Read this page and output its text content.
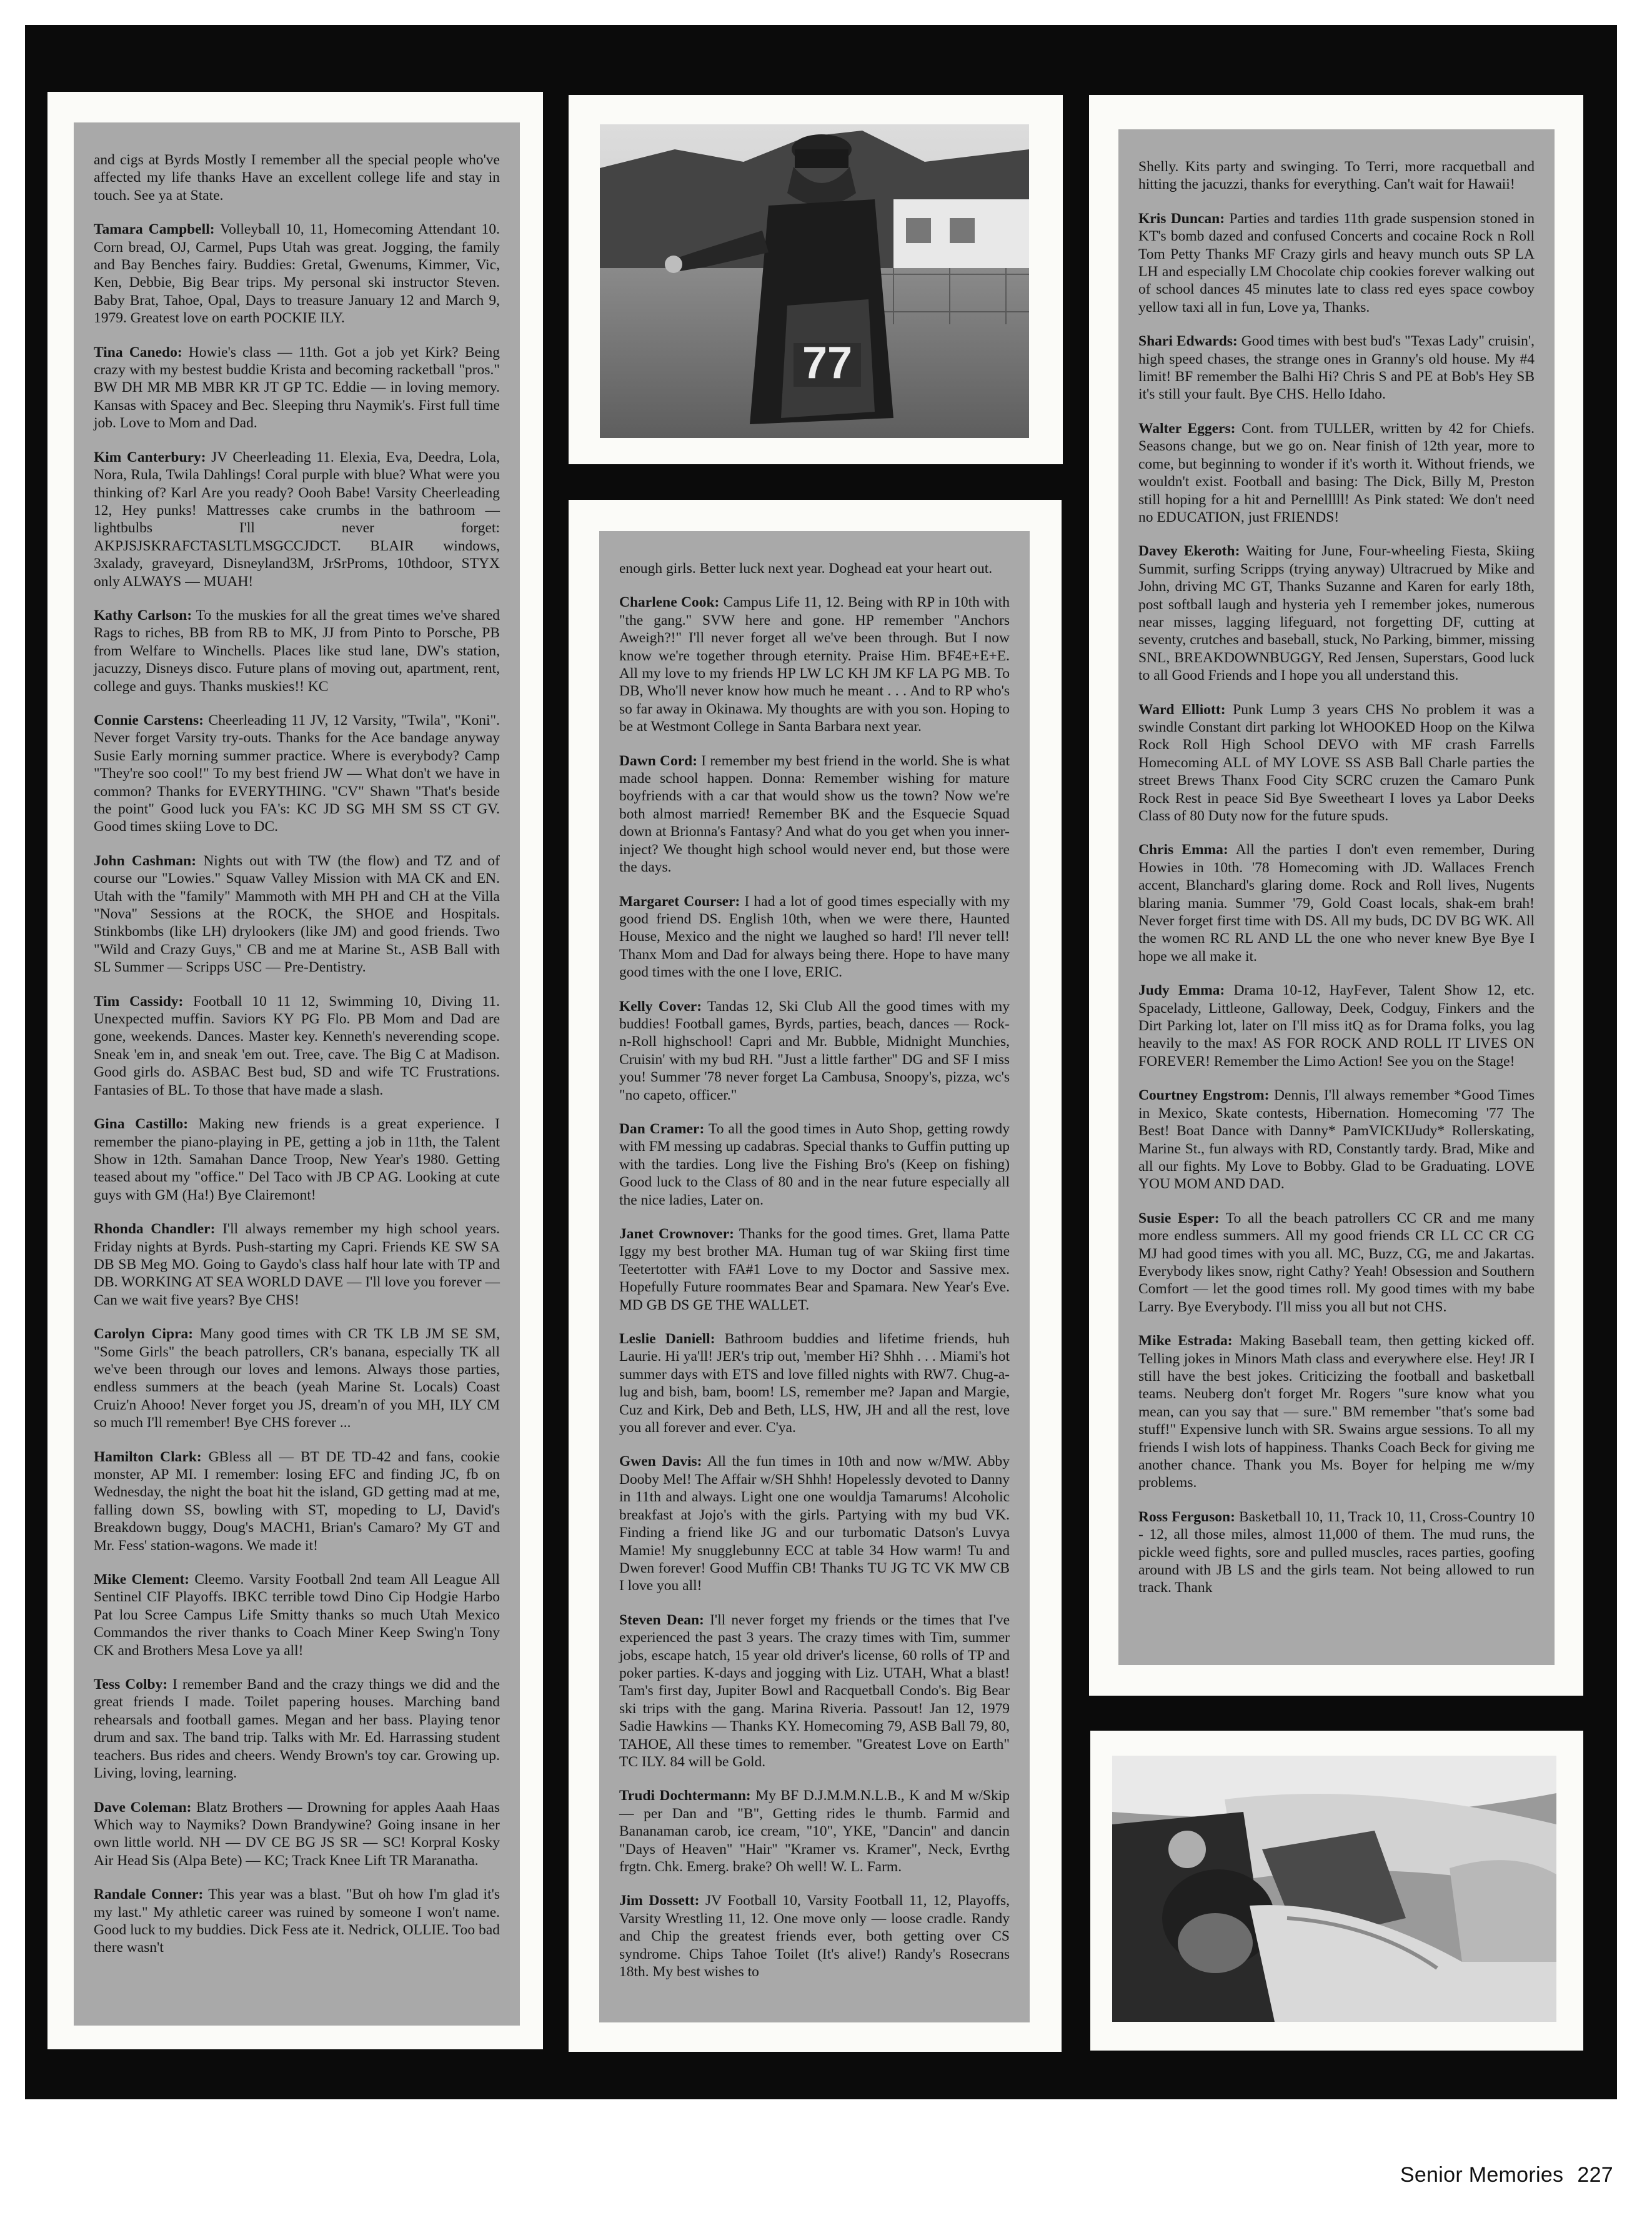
and cigs at Byrds Mostly I remember all the special people who've affected my life thanks Have an excellent college life and stay in touch. See ya at State.

Tamara Campbell: Volleyball 10, 11, Homecoming Attendant 10. Corn bread, OJ, Carmel, Pups Utah was great. Jogging, the family and Bay Benches fairy. Buddies: Gretal, Gwenums, Kimmer, Vic, Ken, Debbie, Big Bear trips. My personal ski instructor Steven. Baby Brat, Tahoe, Opal, Days to treasure January 12 and March 9, 1979. Greatest love on earth POCKIE ILY.

Tina Canedo: Howie's class — 11th. Got a job yet Kirk? Being crazy with my bestest buddie Krista and becoming racketball "pros." BW DH MR MB MBR KR JT GP TC. Eddie — in loving memory. Kansas with Spacey and Bec. Sleeping thru Naymik's. First full time job. Love to Mom and Dad.

Kim Canterbury: JV Cheerleading 11. Elexia, Eva, Deedra, Lola, Nora, Rula, Twila Dahlings! Coral purple with blue? What were you thinking of? Karl Are you ready? Oooh Babe! Varsity Cheerleading 12, Hey punks! Mattresses cake crumbs in the bathroom — lightbulbs I'll never forget: AKPJSJSKRAFCTASLTLMSGCCJDCT. BLAIR windows, 3xalady, graveyard, Disneyland3M, JrSrProms, 10thdoor, STYX only ALWAYS — MUAH!

Kathy Carlson: To the muskies for all the great times we've shared Rags to riches, BB from RB to MK, JJ from Pinto to Porsche, PB from Welfare to Winchells. Places like stud lane, DW's station, jacuzzy, Disneys disco. Future plans of moving out, apartment, rent, college and guys. Thanks muskies!! KC

Connie Carstens: Cheerleading 11 JV, 12 Varsity, "Twila", "Koni". Never forget Varsity try-outs. Thanks for the Ace bandage anyway Susie Early morning summer practice. Where is everybody? Camp "They're soo cool!" To my best friend JW — What don't we have in common? Thanks for EVERYTHING. "CV" Shawn "That's beside the point" Good luck you FA's: KC JD SG MH SM SS CT GV. Good times skiing Love to DC.

John Cashman: Nights out with TW (the flow) and TZ and of course our "Lowies." Squaw Valley Mission with MA CK and EN. Utah with the "family" Mammoth with MH PH and CH at the Villa "Nova" Sessions at the ROCK, the SHOE and Hospitals. Stinkbombs (like LH) drylookers (like JM) and good friends. Two "Wild and Crazy Guys," CB and me at Marine St., ASB Ball with SL Summer — Scripps USC — Pre-Dentistry.

Tim Cassidy: Football 10 11 12, Swimming 10, Diving 11. Unexpected muffin. Saviors KY PG Flo. PB Mom and Dad are gone, weekends. Dances. Master key. Kenneth's neverending scope. Sneak 'em in, and sneak 'em out. Tree, cave. The Big C at Madison. Good girls do. ASBAC Best bud, SD and wife TC Frustrations. Fantasies of BL. To those that have made a slash.

Gina Castillo: Making new friends is a great experience. I remember the piano-playing in PE, getting a job in 11th, the Talent Show in 12th. Samahan Dance Troop, New Year's 1980. Getting teased about my "office." Del Taco with JB CP AG. Looking at cute guys with GM (Ha!) Bye Clairemont!

Rhonda Chandler: I'll always remember my high school years. Friday nights at Byrds. Push-starting my Capri. Friends KE SW SA DB SB Meg MO. Going to Gaydo's class half hour late with TP and DB. WORKING AT SEA WORLD DAVE — I'll love you forever — Can we wait five years? Bye CHS!

Carolyn Cipra: Many good times with CR TK LB JM SE SM, "Some Girls" the beach patrollers, CR's banana, especially TK all we've been through our loves and lemons. Always those parties, endless summers at the beach (yeah Marine St. Locals) Coast Cruiz'n Ahooo! Never forget you JS, dream'n of you MH, ILY CM so much I'll remember! Bye CHS forever ...

Hamilton Clark: GBless all — BT DE TD-42 and fans, cookie monster, AP MI. I remember: losing EFC and finding JC, fb on Wednesday, the night the boat hit the island, GD getting mad at me, falling down SS, bowling with ST, mopeding to LJ, David's Breakdown buggy, Doug's MACH1, Brian's Camaro? My GT and Mr. Fess' station-wagons. We made it!

Mike Clement: Cleemo. Varsity Football 2nd team All League All Sentinel CIF Playoffs. IBKC terrible towd Dino Cip Hodgie Harbo Pat lou Scree Campus Life Smitty thanks so much Utah Mexico Commandos the river thanks to Coach Miner Keep Swing'n Tony CK and Brothers Mesa Love ya all!

Tess Colby: I remember Band and the crazy things we did and the great friends I made. Toilet papering houses. Marching band rehearsals and football games. Megan and her bass. Playing tenor drum and sax. The band trip. Talks with Mr. Ed. Harrassing student teachers. Bus rides and cheers. Wendy Brown's toy car. Growing up. Living, loving, learning.

Dave Coleman: Blatz Brothers — Drowning for apples Aaah Haas Which way to Naymiks? Down Brandywine? Going insane in her own little world. NH — DV CE BG JS SR — SC! Korpral Kosky Air Head Sis (Alpa Bete) — KC; Track Knee Lift TR Maranatha.

Randale Conner: This year was a blast. "But oh how I'm glad it's my last." My athletic career was ruined by someone I won't name. Good luck to my buddies. Dick Fess ate it. Nedrick, OLLIE. Too bad there wasn't

77

enough girls. Better luck next year. Doghead eat your heart out.

Charlene Cook: Campus Life 11, 12. Being with RP in 10th with "the gang." SVW here and gone. HP remember "Anchors Aweigh?!" I'll never forget all we've been through. But I now know we're together through eternity. Praise Him. BF4E+E+E. All my love to my friends HP LW LC KH JM KF LA PG MB. To DB, Who'll never know how much he meant . . . And to RP who's so far away in Okinawa. My thoughts are with you son. Hoping to be at Westmont College in Santa Barbara next year.

Dawn Cord: I remember my best friend in the world. She is what made school happen. Donna: Remember wishing for mature boyfriends with a car that would show us the town? Now we're both almost married! Remember BK and the Esquecie Squad down at Brionna's Fantasy? And what do you get when you inner-inject? We thought high school would never end, but those were the days.

Margaret Courser: I had a lot of good times especially with my good friend DS. English 10th, when we were there, Haunted House, Mexico and the night we laughed so hard! I'll never tell! Thanx Mom and Dad for always being there. Hope to have many good times with the one I love, ERIC.

Kelly Cover: Tandas 12, Ski Club All the good times with my buddies! Football games, Byrds, parties, beach, dances — Rock-n-Roll highschool! Capri and Mr. Bubble, Midnight Munchies, Cruisin' with my bud RH. "Just a little farther" DG and SF I miss you! Summer '78 never forget La Cambusa, Snoopy's, pizza, wc's "no capeto, officer."

Dan Cramer: To all the good times in Auto Shop, getting rowdy with FM messing up cadabras. Special thanks to Guffin putting up with the tardies. Long live the Fishing Bro's (Keep on fishing) Good luck to the Class of 80 and in the near future especially all the nice ladies, Later on.

Janet Crownover: Thanks for the good times. Gret, llama Patte Iggy my best brother MA. Human tug of war Skiing first time Teetertotter with FA#1 Love to my Doctor and Sassive mex. Hopefully Future roommates Bear and Spamara. New Year's Eve. MD GB DS GE THE WALLET.

Leslie Daniell: Bathroom buddies and lifetime friends, huh Laurie. Hi ya'll! JER's trip out, 'member Hi? Shhh . . . Miami's hot summer days with ETS and love filled nights with RW7. Chug-a-lug and bish, bam, boom! LS, remember me? Japan and Margie, Cuz and Kirk, Deb and Beth, LLS, HW, JH and all the rest, love you all forever and ever. C'ya.

Gwen Davis: All the fun times in 10th and now w/MW. Abby Dooby Mel! The Affair w/SH Shhh! Hopelessly devoted to Danny in 11th and always. Light one one wouldja Tamarums! Alcoholic breakfast at Jojo's with the girls. Partying with my bud VK. Finding a friend like JG and our turbomatic Datson's Luvya Mamie! My snugglebunny ECC at table 34 How warm! Tu and Dwen forever! Good Muffin CB! Thanks TU JG TC VK MW CB I love you all!

Steven Dean: I'll never forget my friends or the times that I've experienced the past 3 years. The crazy times with Tim, summer jobs, escape hatch, 15 year old driver's license, 60 rolls of TP and poker parties. K-days and jogging with Liz. UTAH, What a blast! Tam's first day, Jupiter Bowl and Racquetball Condo's. Big Bear ski trips with the gang. Marina Riveria. Passout! Jan 12, 1979 Sadie Hawkins — Thanks KY. Homecoming 79, ASB Ball 79, 80, TAHOE, All these times to remember. "Greatest Love on Earth" TC ILY. 84 will be Gold.

Trudi Dochtermann: My BF D.J.M.M.N.L.B., K and M w/Skip — per Dan and "B", Getting rides le thumb. Farmid and Bananaman carob, ice cream, "10", YKE, "Dancin" and dancin "Days of Heaven" "Hair" "Kramer vs. Kramer", Neck, Evrthg frgtn. Chk. Emerg. brake? Oh well! W. L. Farm.

Jim Dossett: JV Football 10, Varsity Football 11, 12, Playoffs, Varsity Wrestling 11, 12. One move only — loose cradle. Randy and Chip the greatest friends ever, both getting over CS syndrome. Chips Tahoe Toilet (It's alive!) Randy's Rosecrans 18th. My best wishes to

Shelly. Kits party and swinging. To Terri, more racquetball and hitting the jacuzzi, thanks for everything. Can't wait for Hawaii!

Kris Duncan: Parties and tardies 11th grade suspension stoned in KT's bomb dazed and confused Concerts and cocaine Rock n Roll Tom Petty Thanks MF Crazy girls and heavy munch outs SP LA LH and especially LM Chocolate chip cookies forever walking out of school dances 45 minutes late to class red eyes space cowboy yellow taxi all in fun, Love ya, Thanks.

Shari Edwards: Good times with best bud's "Texas Lady" cruisin', high speed chases, the strange ones in Granny's old house. My #4 limit! BF remember the Balhi Hi? Chris S and PE at Bob's Hey SB it's still your fault. Bye CHS. Hello Idaho.

Walter Eggers: Cont. from TULLER, written by 42 for Chiefs. Seasons change, but we go on. Near finish of 12th year, more to come, but beginning to wonder if it's worth it. Without friends, we wouldn't exist. Football and basing: The Dick, Billy M, Preston still hoping for a hit and Pernelllll! As Pink stated: We don't need no EDUCATION, just FRIENDS!

Davey Ekeroth: Waiting for June, Four-wheeling Fiesta, Skiing Summit, surfing Scripps (trying anyway) Ultracrued by Mike and John, driving MC GT, Thanks Suzanne and Karen for early 18th, post softball laugh and hysteria yeh I remember jokes, numerous near misses, lagging lifeguard, not forgetting DF, cutting at seventy, crutches and baseball, stuck, No Parking, bimmer, missing SNL, BREAKDOWNBUGGY, Red Jensen, Superstars, Good luck to all Good Friends and I hope you all understand this.

Ward Elliott: Punk Lump 3 years CHS No problem it was a swindle Constant dirt parking lot WHOOKED Hoop on the Kilwa Rock Roll High School DEVO with MF crash Farrells Homecoming ALL of MY LOVE SS ASB Ball Charle parties the street Brews Thanx Food City SCRC cruzen the Camaro Punk Rock Rest in peace Sid Bye Sweetheart I loves ya Labor Deeks Class of 80 Duty now for the future spuds.

Chris Emma: All the parties I don't even remember, During Howies in 10th. '78 Homecoming with JD. Wallaces French accent, Blanchard's glaring dome. Rock and Roll lives, Nugents blaring mania. Summer '79, Gold Coast locals, shak-em brah! Never forget first time with DS. All my buds, DC DV BG WK. All the women RC RL AND LL the one who never knew Bye Bye I hope we all make it.

Judy Emma: Drama 10-12, HayFever, Talent Show 12, etc. Spacelady, Littleone, Galloway, Deek, Codguy, Finkers and the Dirt Parking lot, later on I'll miss itQ as for Drama folks, you lag heavily to the max! AS FOR ROCK AND ROLL IT LIVES ON FOREVER! Remember the Limo Action! See you on the Stage!

Courtney Engstrom: Dennis, I'll always remember *Good Times in Mexico, Skate contests, Hibernation. Homecoming '77 The Best! Boat Dance with Danny* PamVICKIJudy* Rollerskating, Marine St., fun always with RD, Constantly tardy. Brad, Mike and all our fights. My Love to Bobby. Glad to be Graduating. LOVE YOU MOM AND DAD.

Susie Esper: To all the beach patrollers CC CR and me many more endless summers. All my good friends CR LL CC CR CG MJ had good times with you all. MC, Buzz, CG, me and Jakartas. Everybody likes snow, right Cathy? Yeah! Obsession and Southern Comfort — let the good times roll. My good times with my babe Larry. Bye Everybody. I'll miss you all but not CHS.

Mike Estrada: Making Baseball team, then getting kicked off. Telling jokes in Minors Math class and everywhere else. Hey! JR I still have the best jokes. Criticizing the football and basketball teams. Neuberg don't forget Mr. Rogers "sure know what you mean, can you say that — sure." BM remember "that's some bad stuff!" Expensive lunch with SR. Swains argue sessions. To all my friends I wish lots of happiness. Thanks Coach Beck for giving me another chance. Thank you Ms. Boyer for helping me w/my problems.

Ross Ferguson: Basketball 10, 11, Track 10, 11, Cross-Country 10 - 12, all those miles, almost 11,000 of them. The mud runs, the pickle weed fights, sore and pulled muscles, races parties, goofing around with JB LS and the girls team. Not being allowed to run track. Thank

Senior Memories 227
